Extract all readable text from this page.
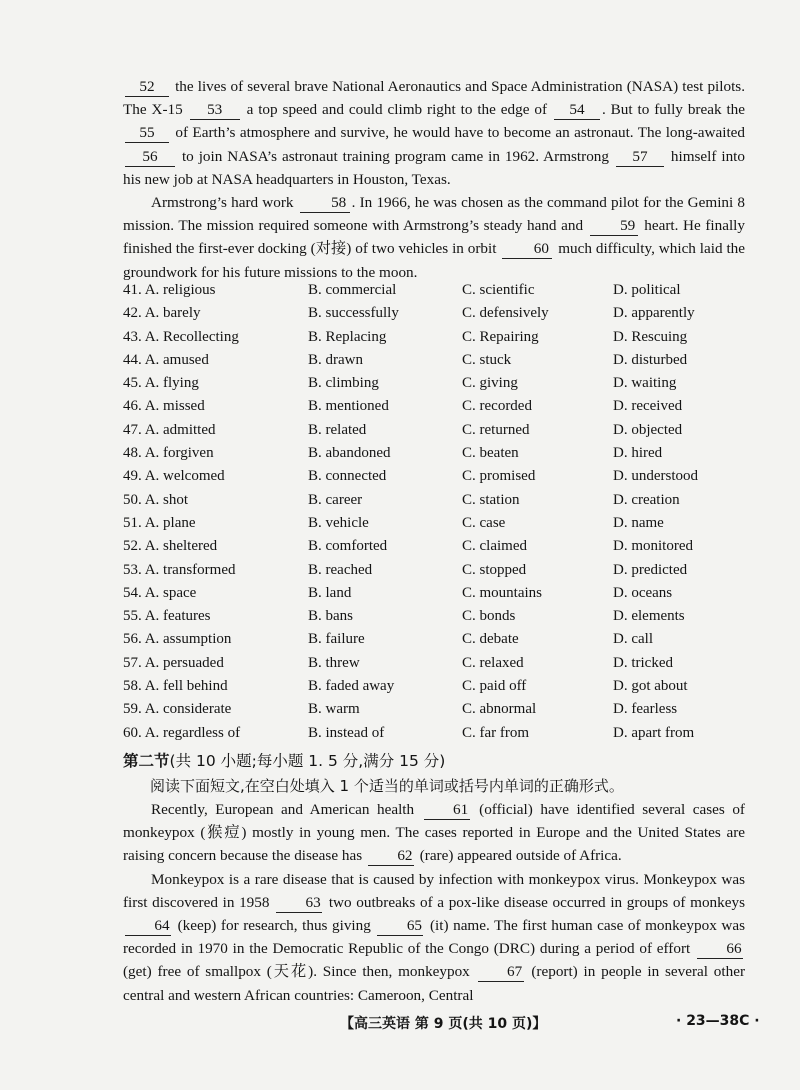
52 the lives of several brave National Aeronautics and Space Administration (NASA) test pilots. The X-15 53 a top speed and could climb right to the edge of 54 . But to fully break the 55 of Earth’s atmosphere and survive, he would have to become an astronaut. The long-awaited 56 to join NASA’s astronaut training program came in 1962. Armstrong 57 himself into his new job at NASA headquarters in Houston, Texas.

Armstrong’s hard work 58 . In 1966, he was chosen as the command pilot for the Gemini 8 mission. The mission required someone with Armstrong’s steady hand and 59 heart. He finally finished the first-ever docking (对接) of two vehicles in orbit 60 much difficulty, which laid the groundwork for his future missions to the moon.

41. A. religious	B. commercial	C. scientific	D. political
42. A. barely	B. successfully	C. defensively	D. apparently
43. A. Recollecting	B. Replacing	C. Repairing	D. Rescuing
44. A. amused	B. drawn	C. stuck	D. disturbed
45. A. flying	B. climbing	C. giving	D. waiting
46. A. missed	B. mentioned	C. recorded	D. received
47. A. admitted	B. related	C. returned	D. objected
48. A. forgiven	B. abandoned	C. beaten	D. hired
49. A. welcomed	B. connected	C. promised	D. understood
50. A. shot	B. career	C. station	D. creation
51. A. plane	B. vehicle	C. case	D. name
52. A. sheltered	B. comforted	C. claimed	D. monitored
53. A. transformed	B. reached	C. stopped	D. predicted
54. A. space	B. land	C. mountains	D. oceans
55. A. features	B. bans	C. bonds	D. elements
56. A. assumption	B. failure	C. debate	D. call
57. A. persuaded	B. threw	C. relaxed	D. tricked
58. A. fell behind	B. faded away	C. paid off	D. got about
59. A. considerate	B. warm	C. abnormal	D. fearless
60. A. regardless of	B. instead of	C. far from	D. apart from
第二节(共 10 小题;每小题 1. 5 分,满分 15 分)
阅读下面短文,在空白处填入 1 个适当的单词或括号内单词的正确形式。

Recently, European and American health 61 (official) have identified several cases of monkeypox (猴痘) mostly in young men. The cases reported in Europe and the United States are raising concern because the disease has 62 (rare) appeared outside of Africa.

Monkeypox is a rare disease that is caused by infection with monkeypox virus. Monkeypox was first discovered in 1958 63 two outbreaks of a pox-like disease occurred in groups of monkeys 64 (keep) for research, thus giving 65 (it) name. The first human case of monkeypox was recorded in 1970 in the Democratic Republic of the Congo (DRC) during a period of effort 66 (get) free of smallpox (天花). Since then, monkeypox 67 (report) in people in several other central and western African countries: Cameroon, Central

【高三英语 第 9 页(共 10 页)】	· 23—38C ·
